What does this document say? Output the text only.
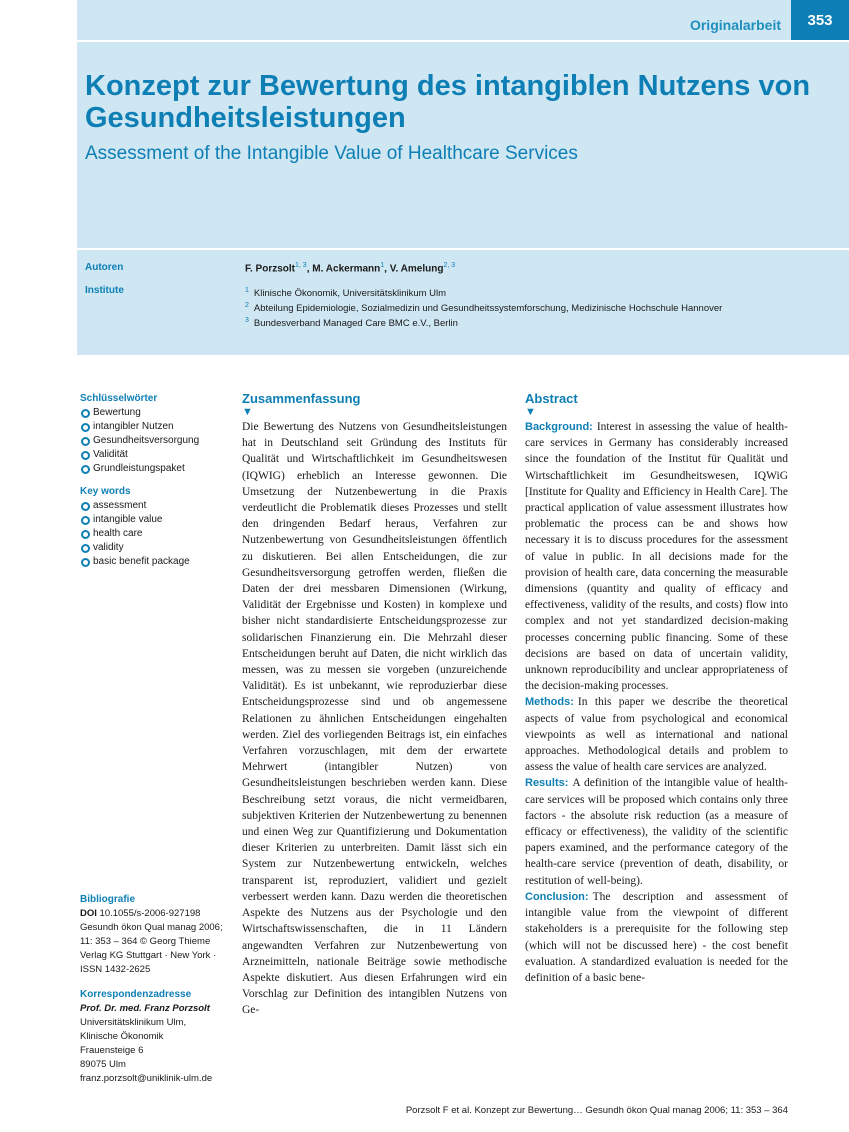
Originalarbeit	353
Konzept zur Bewertung des intangiblen Nutzens von Gesundheitsleistungen
Assessment of the Intangible Value of Healthcare Services
Autoren
Institute
F. Porzsolt$^{1, 3}$, M. Ackermann$^1$, V. Amelung$^{2, 3}$
$^1$ Klinische Ökonomik, Universitätsklinikum Ulm
$^2$ Abteilung Epidemiologie, Sozialmedizin und Gesundheitssystemforschung, Medizinische Hochschule Hannover
$^3$ Bundesverband Managed Care BMC e.V., Berlin
Schlüsselwörter
Bewertung
intangibler Nutzen
Gesundheitsversorgung
Validität
Grundleistungspaket
Key words
assessment
intangible value
health care
validity
basic benefit package
Bibliografie
DOI 10.1055/s-2006-927198
Gesundh ökon Qual manag 2006; 11: 353 – 364 © Georg Thieme Verlag KG Stuttgart · New York · ISSN 1432-2625
Korrespondenzadresse
Prof. Dr. med. Franz Porzsolt
Universitätsklinikum Ulm,
Klinische Ökonomik
Frauensteige 6
89075 Ulm
franz.porzsolt@uniklinik-ulm.de
Zusammenfassung
▼

Die Bewertung des Nutzens von Gesundheitsleistungen hat in Deutschland seit Gründung des Instituts für Qualität und Wirtschaftlichkeit im Gesundheitswesen (IQWIG) erheblich an Interesse gewonnen. Die Umsetzung der Nutzenbewertung in die Praxis verdeutlicht die Problematik dieses Prozesses und stellt den dringenden Bedarf heraus, Verfahren zur Nutzenbewertung von Gesundheitsleistungen öffentlich zu diskutieren. Bei allen Entscheidungen, die zur Gesundheitsversorgung getroffen werden, fließen die Daten der drei messbaren Dimensionen (Wirkung, Validität der Ergebnisse und Kosten) in komplexe und bisher nicht standardisierte Entscheidungsprozesse zur solidarischen Finanzierung ein. Die Mehrzahl dieser Entscheidungen beruht auf Daten, die nicht wirklich das messen, was zu messen sie vorgeben (unzureichende Validität). Es ist unbekannt, wie reproduzierbar diese Entscheidungsprozesse sind und ob angemessene Relationen zu ähnlichen Entscheidungen eingehalten werden. Ziel des vorliegenden Beitrags ist, ein einfaches Verfahren vorzuschlagen, mit dem der erwartete Mehrwert (intangibler Nutzen) von Gesundheitsleistungen beschrieben werden kann. Diese Beschreibung setzt voraus, die nicht vermeidbaren, subjektiven Kriterien der Nutzenbewertung zu benennen und einen Weg zur Quantifizierung und Dokumentation dieser Kriterien zu unterbreiten. Damit lässt sich ein System zur Nutzenbewertung entwickeln, welches transparent ist, reproduziert, validiert und gezielt verbessert werden kann. Dazu werden die theoretischen Aspekte des Nutzens aus der Psychologie und den Wirtschaftswissenschaften, die in 11 Ländern angewandten Verfahren zur Nutzenbewertung von Arzneimitteln, nationale Beiträge sowie methodische Aspekte diskutiert. Aus diesen Erfahrungen wird ein Vorschlag zur Definition des intangiblen Nutzens von Ge-

Abstract
▼

Background: Interest in assessing the value of health-care services in Germany has considerably increased since the foundation of the Institut für Qualität und Wirtschaftlichkeit im Gesundheitswesen, IQWiG [Institute for Quality and Efficiency in Health Care]. The practical application of value assessment illustrates how problematic the process can be and shows how necessary it is to discuss procedures for the assessment of value in public. In all decisions made for the provision of health care, data concerning the measurable dimensions (quantity and quality of efficacy and effectiveness, validity of the results, and costs) flow into complex and not yet standardized decision-making processes concerning public financing. Some of these decisions are based on data of uncertain validity, unknown reproducibility and unclear appropriateness of the decision-making processes.

Methods: In this paper we describe the theoretical aspects of value from psychological and economical viewpoints as well as international and national approaches. Methodological details and problem to assess the value of health care services are analyzed.

Results: A definition of the intangible value of health-care services will be proposed which contains only three factors - the absolute risk reduction (as a measure of efficacy or effectiveness), the validity of the scientific papers examined, and the performance category of the health-care service (prevention of death, disability, or restitution of well-being).

Conclusion: The description and assessment of intangible value from the viewpoint of different stakeholders is a prerequisite for the following step (which will not be discussed here) - the cost benefit evaluation. A standardized evaluation is needed for the definition of a basic bene-

Porzsolt F et al. Konzept zur Bewertung… Gesundh ökon Qual manag 2006; 11: 353 – 364
